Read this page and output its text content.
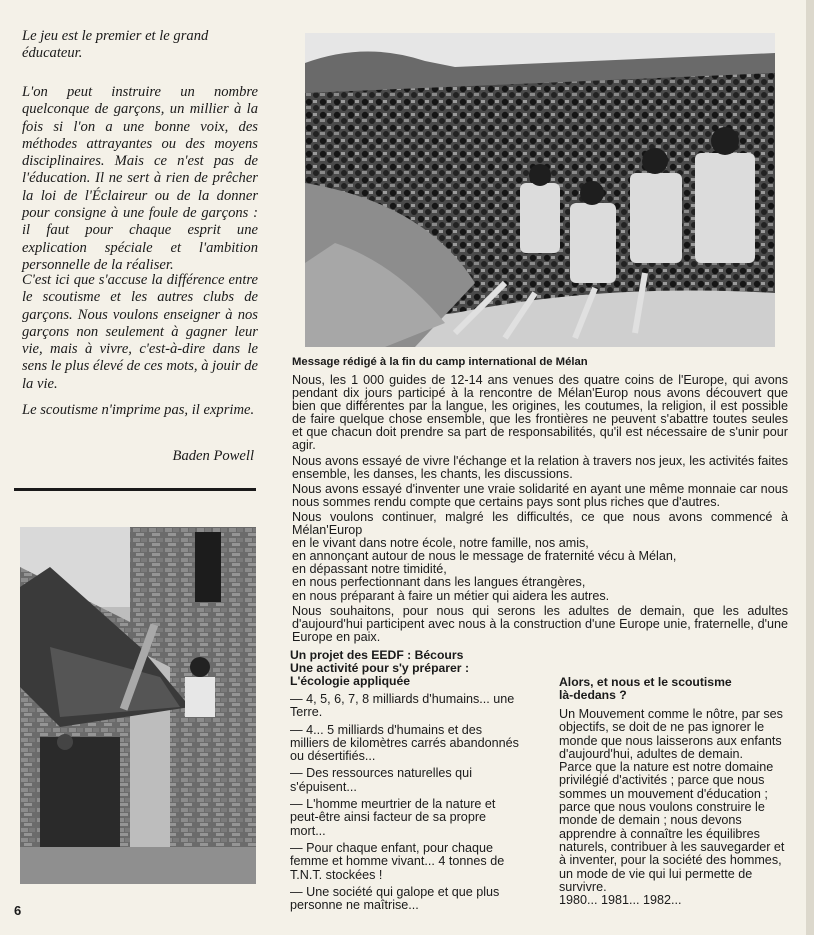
Le jeu est le premier et le grand éducateur.

L'on peut instruire un nombre quelconque de garçons, un millier à la fois si l'on a une bonne voix, des méthodes attrayantes ou des moyens disciplinaires. Mais ce n'est pas de l'éducation. Il ne sert à rien de prêcher la loi de l'Éclaireur ou de la donner pour consigne à une foule de garçons : il faut pour chaque esprit une explication spéciale et l'ambition personnelle de la réaliser.

C'est ici que s'accuse la différence entre le scoutisme et les autres clubs de garçons. Nous voulons enseigner à nos garçons non seulement à gagner leur vie, mais à vivre, c'est-à-dire dans le sens le plus élevé de ces mots, à jouir de la vie.

Le scoutisme n'imprime pas, il exprime.

Baden Powell

Message rédigé à la fin du camp international de Mélan

Nous, les 1 000 guides de 12-14 ans venues des quatre coins de l'Europe, qui avons pendant dix jours participé à la rencontre de Mélan'Europ nous avons découvert que bien que différentes par la langue, les origines, les coutumes, la religion, il est possible de faire quelque chose ensemble, que les frontières ne peuvent s'abattre toutes seules et que chacun doit prendre sa part de responsabilités, qu'il est nécessaire de s'unir pour agir.

Nous avons essayé de vivre l'échange et la relation à travers nos jeux, les activités faites ensemble, les danses, les chants, les discussions.

Nous avons essayé d'inventer une vraie solidarité en ayant une même monnaie car nous nous sommes rendu compte que certains pays sont plus riches que d'autres.

Nous voulons continuer, malgré les difficultés, ce que nous avons commencé à Mélan'Europ

en le vivant dans notre école, notre famille, nos amis,
en annonçant autour de nous le message de fraternité vécu à Mélan,
en dépassant notre timidité,
en nous perfectionnant dans les langues étrangères,
en nous préparant à faire un métier qui aidera les autres.

Nous souhaitons, pour nous qui serons les adultes de demain, que les adultes d'aujourd'hui participent avec nous à la construction d'une Europe unie, fraternelle, d'une Europe en paix.

Un projet des EEDF : Bécours
Une activité pour s'y préparer :
L'écologie appliquée

— 4, 5, 6, 7, 8 milliards d'humains... une Terre.

— 4... 5 milliards d'humains et des milliers de kilomètres carrés abandonnés ou désertifiés...

— Des ressources naturelles qui s'épuisent...

— L'homme meurtrier de la nature et peut-être ainsi facteur de sa propre mort...

— Pour chaque enfant, pour chaque femme et homme vivant... 4 tonnes de T.N.T. stockées !

— Une société qui galope et que plus personne ne maîtrise...

Alors, et nous et le scoutisme
là-dedans ?

Un Mouvement comme le nôtre, par ses objectifs, se doit de ne pas ignorer le monde que nous laisserons aux enfants d'aujourd'hui, adultes de demain.

Parce que la nature est notre domaine privilégié d'activités ; parce que nous sommes un mouvement d'éducation ; parce que nous voulons construire le monde de demain ; nous devons apprendre à connaître les équilibres naturels, contribuer à les sauvegarder et à inventer, pour la société des hommes, un mode de vie qui lui permette de survivre.

1980... 1981... 1982...

6
